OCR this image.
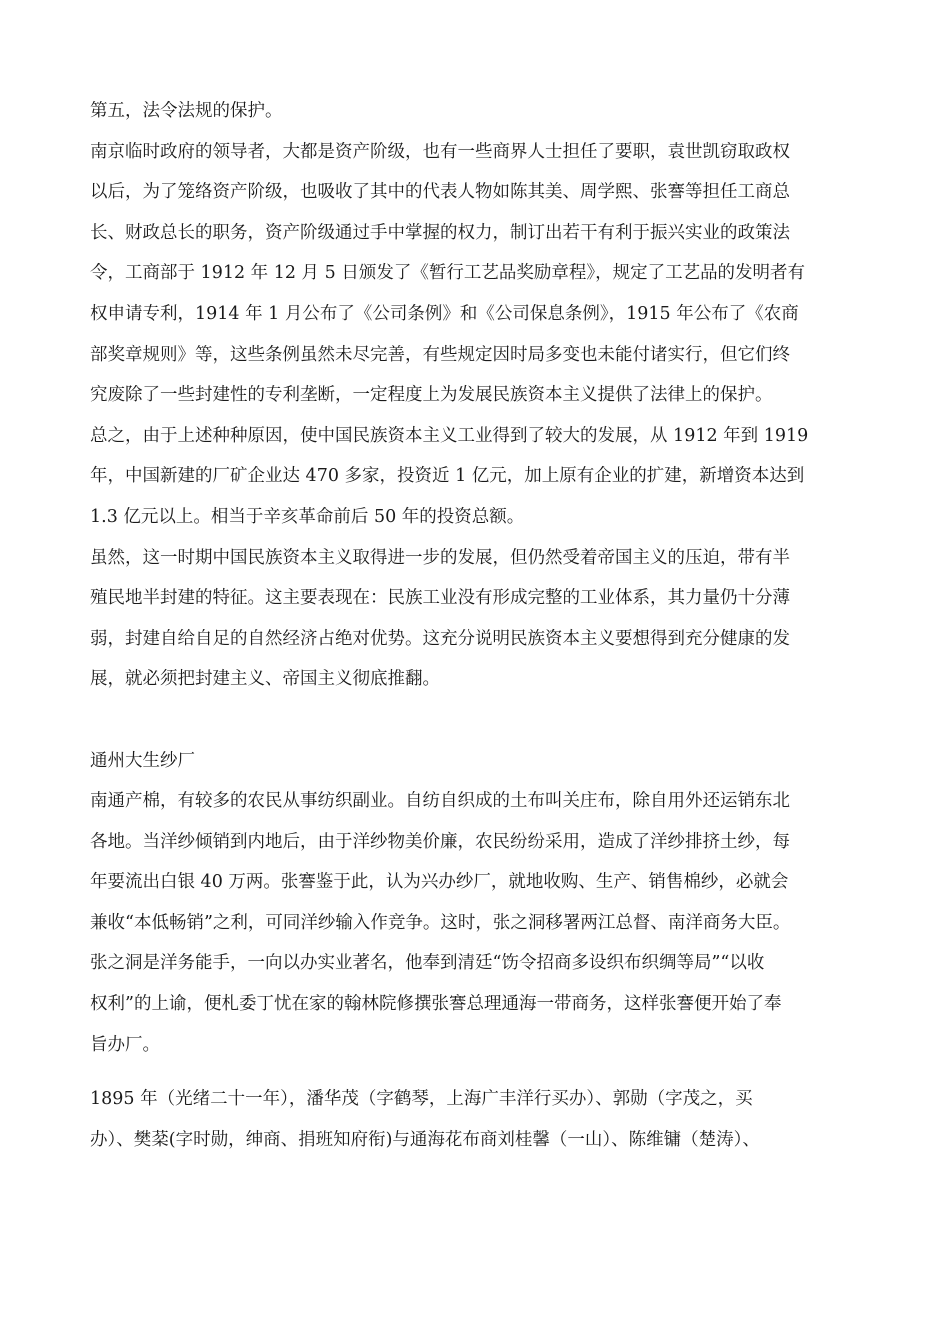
第五，法令法规的保护。
南京临时政府的领导者，大都是资产阶级，也有一些商界人士担任了要职，袁世凯窃取政权
以后，为了笼络资产阶级，也吸收了其中的代表人物如陈其美、周学熙、张謇等担任工商总
长、财政总长的职务，资产阶级通过手中掌握的权力，制订出若干有利于振兴实业的政策法
令，工商部于 1912 年 12 月 5 日颁发了《暂行工艺品奖励章程》，规定了工艺品的发明者有
权申请专利，1914 年 1 月公布了《公司条例》和《公司保息条例》，1915 年公布了《农商
部奖章规则》等，这些条例虽然未尽完善，有些规定因时局多变也未能付诸实行，但它们终
究废除了一些封建性的专利垄断，一定程度上为发展民族资本主义提供了法律上的保护。
总之，由于上述种种原因，使中国民族资本主义工业得到了较大的发展，从 1912 年到 1919
年，中国新建的厂矿企业达 470 多家，投资近 1 亿元，加上原有企业的扩建，新增资本达到
1.3 亿元以上。相当于辛亥革命前后 50 年的投资总额。
虽然，这一时期中国民族资本主义取得进一步的发展，但仍然受着帝国主义的压迫，带有半
殖民地半封建的特征。这主要表现在：民族工业没有形成完整的工业体系，其力量仍十分薄
弱，封建自给自足的自然经济占绝对优势。这充分说明民族资本主义要想得到充分健康的发
展，就必须把封建主义、帝国主义彻底推翻。
通州大生纱厂
南通产棉，有较多的农民从事纺织副业。自纺自织成的土布叫关庄布，除自用外还运销东北
各地。当洋纱倾销到内地后，由于洋纱物美价廉，农民纷纷采用，造成了洋纱排挤土纱，每
年要流出白银 40 万两。张謇鉴于此，认为兴办纱厂，就地收购、生产、销售棉纱，必就会
兼收“本低畅销”之利，可同洋纱输入作竞争。这时，张之洞移署两江总督、南洋商务大臣。
张之洞是洋务能手，一向以办实业著名，他奉到清廷“饬令招商多设织布织绸等局”“以收
权利”的上谕，便札委丁忧在家的翰林院修撰张謇总理通海一带商务，这样张謇便开始了奉
旨办厂。
1895 年（光绪二十一年），潘华茂（字鹤琴，上海广丰洋行买办）、郭勋（字茂之，买
办）、樊棻(字时勋，绅商、捐班知府衔)与通海花布商刘桂馨（一山）、陈维镛（楚涛）、
